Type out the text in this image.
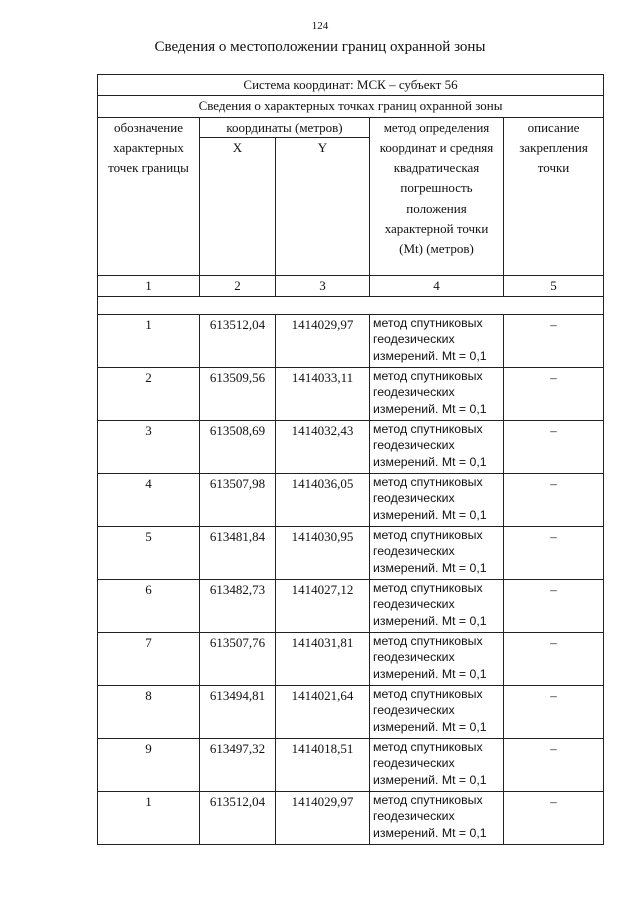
124
Сведения о местоположении границ охранной зоны
Система координат: МСК – субъект 56				
Сведения о характерных точках границ охранной зоны				
обозначение характерных точек границы	координаты (метров)		метод определения координат и средняя квадратическая погрешность положения характерной точки (Mt) (метров)	описание закрепления точки
	X	Y		
1	2	3	4	5

1	613512,04	1414029,97	метод спутниковых геодезических измерений. Mt = 0,1	–
2	613509,56	1414033,11	метод спутниковых геодезических измерений. Mt = 0,1	–
3	613508,69	1414032,43	метод спутниковых геодезических измерений. Mt = 0,1	–
4	613507,98	1414036,05	метод спутниковых геодезических измерений. Mt = 0,1	–
5	613481,84	1414030,95	метод спутниковых геодезических измерений. Mt = 0,1	–
6	613482,73	1414027,12	метод спутниковых геодезических измерений. Mt = 0,1	–
7	613507,76	1414031,81	метод спутниковых геодезических измерений. Mt = 0,1	–
8	613494,81	1414021,64	метод спутниковых геодезических измерений. Mt = 0,1	–
9	613497,32	1414018,51	метод спутниковых геодезических измерений. Mt = 0,1	–
1	613512,04	1414029,97	метод спутниковых геодезических измерений. Mt = 0,1	–
